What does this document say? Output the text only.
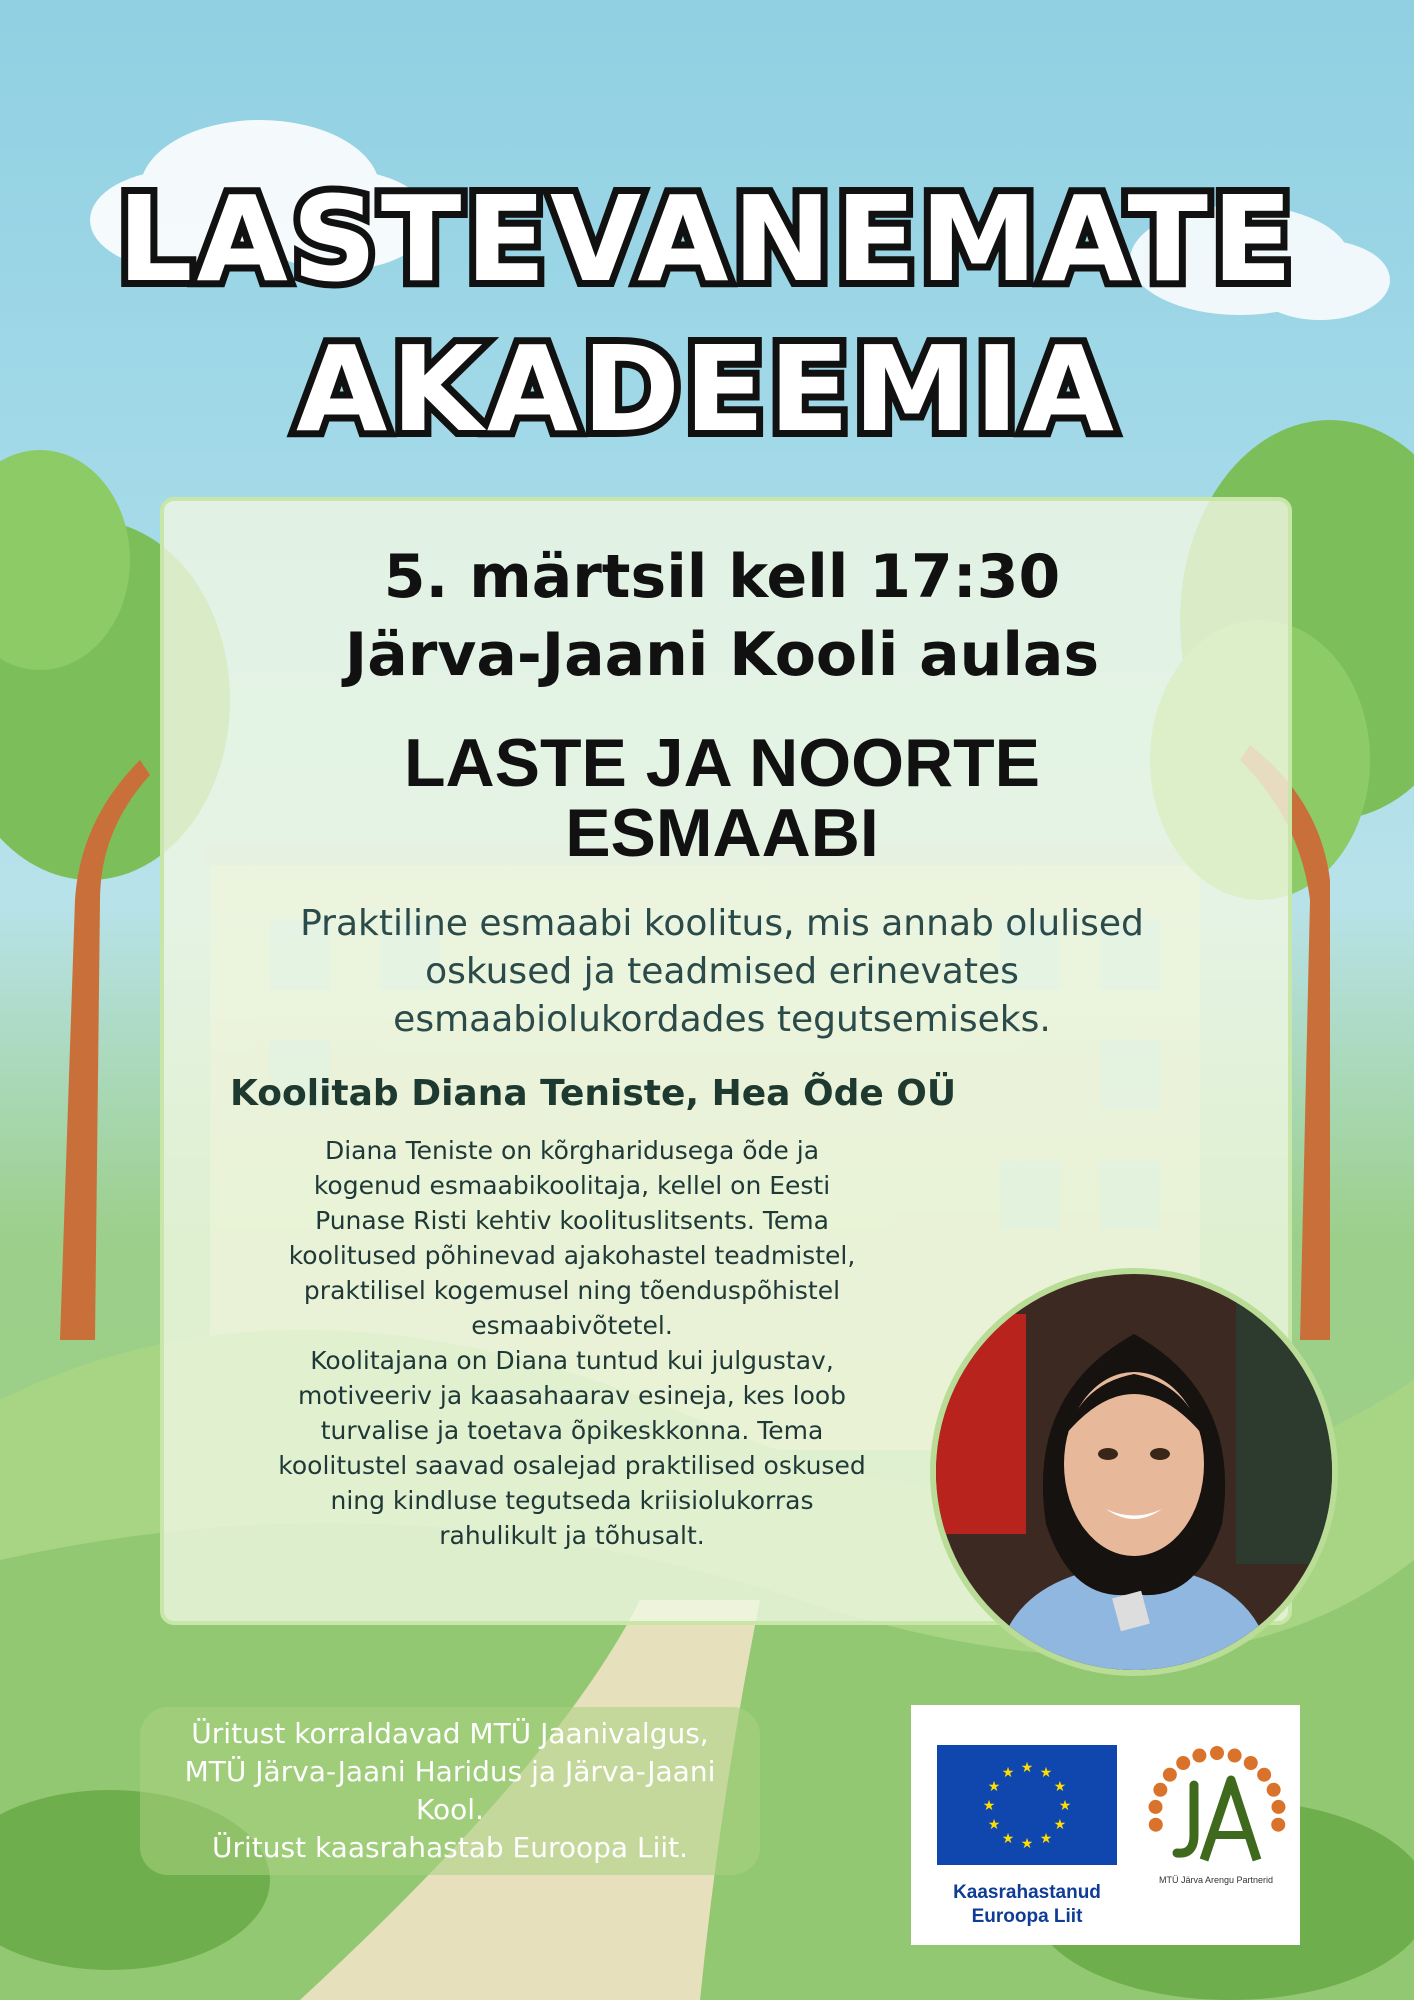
LASTEVANEMATE
AKADEEMIA
5. märtsil kell 17:30
Järva-Jaani Kooli aulas
LASTE JA NOORTE
ESMAABI
Praktiline esmaabi koolitus, mis annab olulised
oskused ja teadmised erinevates
esmaabiolukordades tegutsemiseks.
Koolitab Diana Teniste, Hea Õde OÜ

Diana Teniste on kõrgharidusega õde ja

kogenud esmaabikoolitaja, kellel on Eesti

Punase Risti kehtiv koolituslitsents. Tema

koolitused põhinevad ajakohastel teadmistel,

praktilisel kogemusel ning tõenduspõhistel

esmaabivõtetel.

Koolitajana on Diana tuntud kui julgustav,

motiveeriv ja kaasahaarav esineja, kes loob

turvalise ja toetava õpikeskkonna. Tema

koolitustel saavad osalejad praktilised oskused

ning kindluse tegutseda kriisiolukorras

rahulikult ja tõhusalt.

Üritust korraldavad MTÜ Jaanivalgus,
MTÜ Järva-Jaani Haridus ja Järva-Jaani Kool.
Üritust kaasrahastab Euroopa Liit.
★
★
★
★
★
★
★
★
★ ★ ★
★
Kaasrahastanud
Euroopa Liit
MTÜ Järva Arengu Partnerid
